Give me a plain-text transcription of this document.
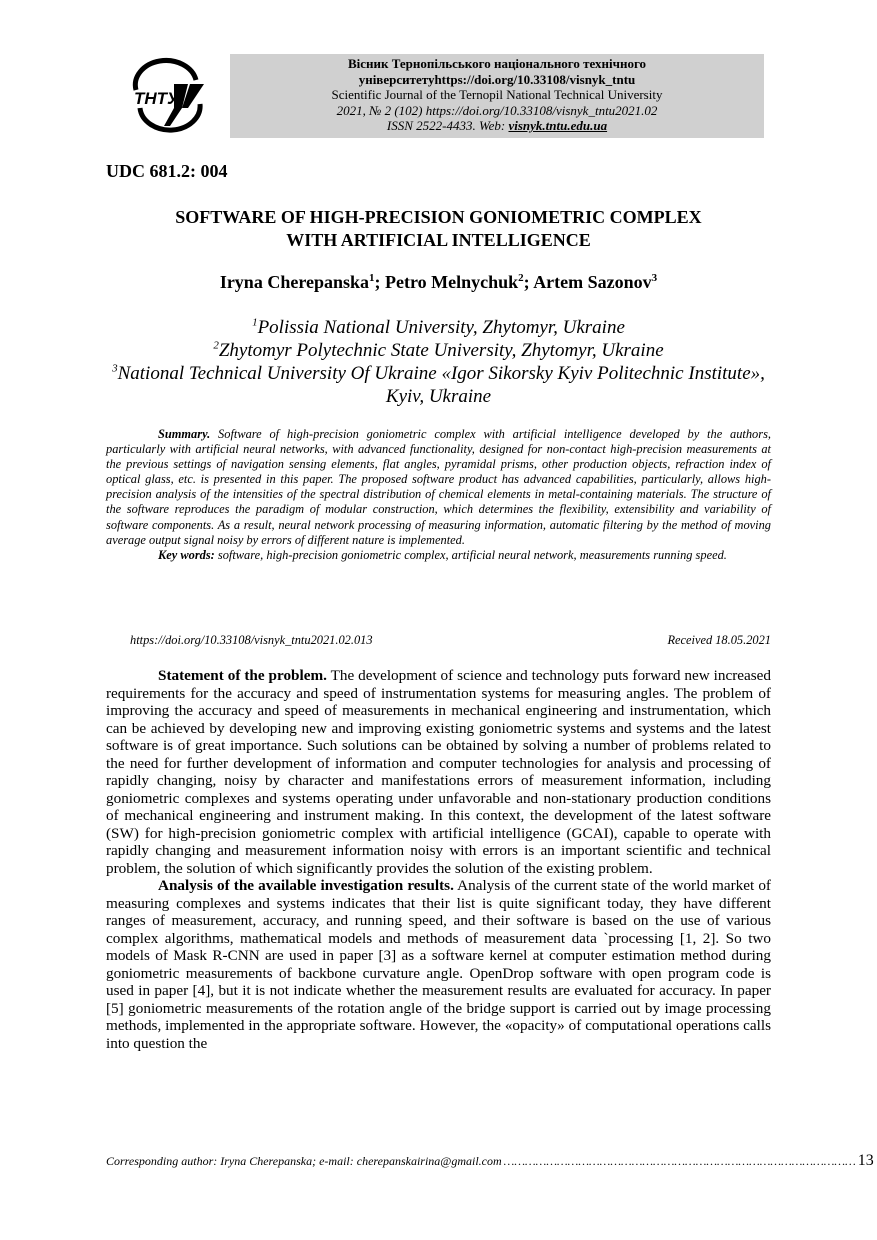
ТНТУ
Вісник Тернопільського національного технічного
університетуhttps://doi.org/10.33108/visnyk_tntu
Scientific Journal of the Ternopil National Technical University
2021, № 2 (102) https://doi.org/10.33108/visnyk_tntu2021.02
ISSN 2522-4433. Web: visnyk.tntu.edu.ua
UDC 681.2: 004
SOFTWARE OF HIGH-PRECISION GONIOMETRIC COMPLEX
WITH ARTIFICIAL INTELLIGENCE
Iryna Cherepanska$^1$; Petro Melnychuk$^2$; Artem Sazonov$^3$
$^1$Polissia National University, Zhytomyr, Ukraine
$^2$Zhytomyr Polytechnic State University, Zhytomyr, Ukraine
$^3$National Technical University Of Ukraine «Igor Sikorsky Kyiv Politechnic Institute», Kyiv, Ukraine

Summary. Software of high-precision goniometric complex with artificial intelligence developed by the authors, particularly with artificial neural networks, with advanced functionality, designed for non-contact high-precision measurements at the previous settings of navigation sensing elements, flat angles, pyramidal prisms, other production objects, refraction index of optical glass, etc. is presented in this paper. The proposed software product has advanced capabilities, particularly, allows high-precision analysis of the intensities of the spectral distribution of chemical elements in metal-containing materials. The structure of the software reproduces the paradigm of modular construction, which determines the flexibility, extensibility and variability of software components. As a result, neural network processing of measuring information, automatic filtering by the method of moving average output signal noisy by errors of different nature is implemented.

Key words: software, high-precision goniometric complex, artificial neural network, measurements running speed.

https://doi.org/10.33108/visnyk_tntu2021.02.013	Received 18.05.2021

Statement of the problem. The development of science and technology puts forward new increased requirements for the accuracy and speed of instrumentation systems for measuring angles. The problem of improving the accuracy and speed of measurements in mechanical engineering and instrumentation, which can be achieved by developing new and improving existing goniometric systems and systems and the latest software is of great importance. Such solutions can be obtained by solving a number of problems related to the need for further development of information and computer technologies for analysis and processing of rapidly changing, noisy by character and manifestations errors of measurement information, including goniometric complexes and systems operating under unfavorable and non-stationary production conditions of mechanical engineering and instrument making. In this context, the development of the latest software (SW) for high-precision goniometric complex with artificial intelligence (GCAI), capable to operate with rapidly changing and measurement information noisy with errors is an important scientific and technical problem, the solution of which significantly provides the solution of the existing problem.

Analysis of the available investigation results. Analysis of the current state of the world market of measuring complexes and systems indicates that their list is quite significant today, they have different ranges of measurement, accuracy, and running speed, and their software is based on the use of various complex algorithms, mathematical models and methods of measurement data `processing [1, 2]. So two models of Mask R-CNN are used in paper [3] as a software kernel at computer estimation method during goniometric measurements of backbone curvature angle. OpenDrop software with open program code is used in paper [4], but it is not indicate whether the measurement results are evaluated for accuracy. In paper [5] goniometric measurements of the rotation angle of the bridge support is carried out by image processing methods, implemented in the appropriate software. However, the «opacity» of computational operations calls into question the

Corresponding author: Iryna Cherepanska; e-mail: cherepanskairina@gmail.com ……………………………………………………………………………………… 13
